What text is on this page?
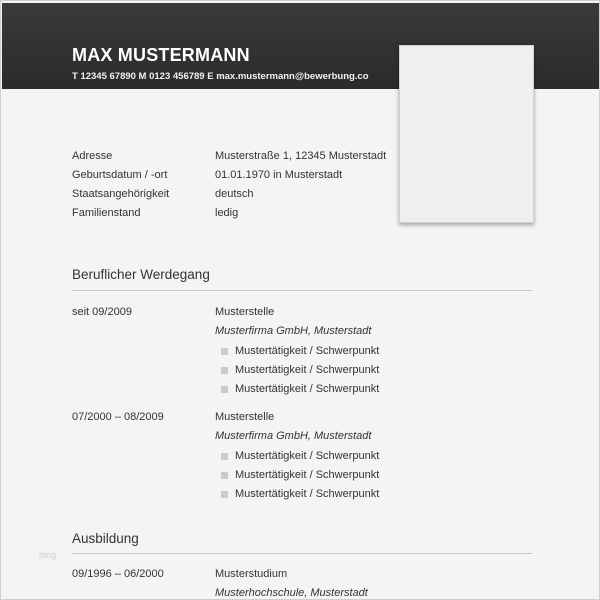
MAX MUSTERMANN
T 12345 67890 M 0123 456789 E max.mustermann@bewerbung.co
Adresse	Musterstraße 1, 12345 Musterstadt
Geburtsdatum / -ort	01.01.1970 in Musterstadt
Staatsangehörigkeit	deutsch
Familienstand	ledig
Beruflicher Werdegang
seit 09/2009	Musterstelle
Musterfirma GmbH, Musterstadt
Mustertätigkeit / Schwerpunkt
Mustertätigkeit / Schwerpunkt
Mustertätigkeit / Schwerpunkt
07/2000 – 08/2009	Musterstelle
Musterfirma GmbH, Musterstadt
Mustertätigkeit / Schwerpunkt
Mustertätigkeit / Schwerpunkt
Mustertätigkeit / Schwerpunkt
Ausbildung
09/1996 – 06/2000	Musterstudium
Musterhochschule, Musterstadt
blog
